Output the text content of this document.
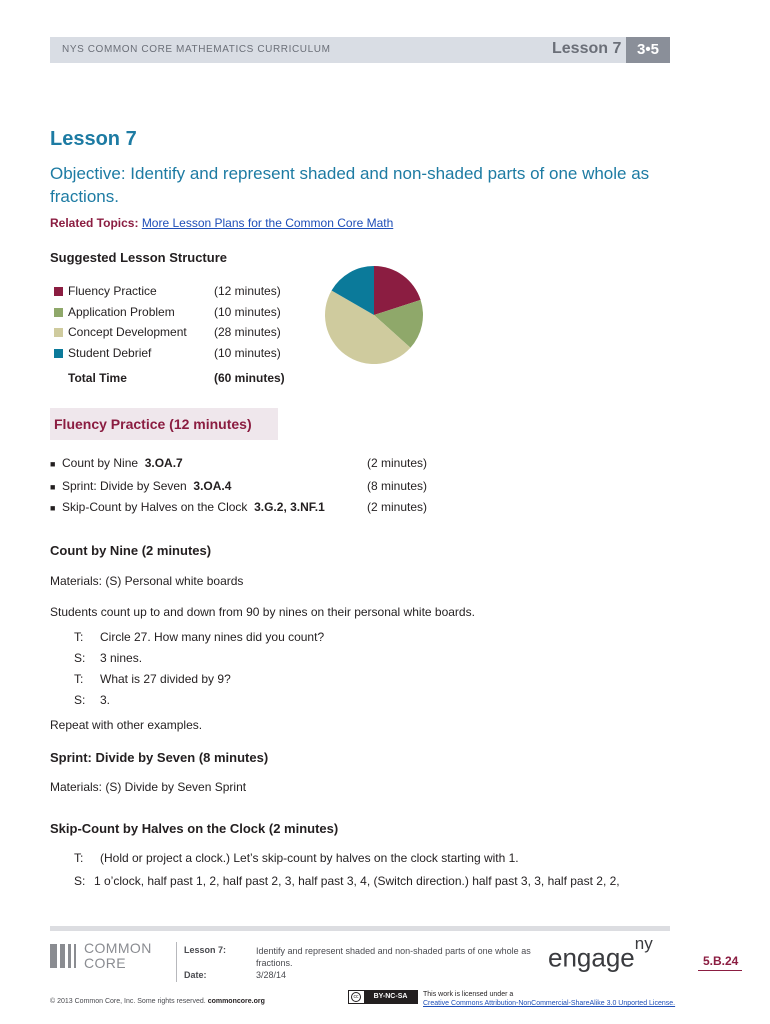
NYS COMMON CORE MATHEMATICS CURRICULUM	Lesson 7	3•5
Lesson 7
Objective: Identify and represent shaded and non-shaded parts of one whole as fractions.
Related Topics: More Lesson Plans for the Common Core Math
Suggested Lesson Structure
Fluency Practice	(12 minutes)
Application Problem	(10 minutes)
Concept Development (28 minutes)
Student Debrief	(10 minutes)
Total Time	(60 minutes)
Fluency Practice (12 minutes)
■ Count by Nine 3.OA.7	(2 minutes)
■ Sprint: Divide by Seven 3.OA.4	(8 minutes)
■ Skip-Count by Halves on the Clock 3.G.2, 3.NF.1	(2 minutes)
Count by Nine (2 minutes)
Materials: (S) Personal white boards
Students count up to and down from 90 by nines on their personal white boards.
T: Circle 27. How many nines did you count?
S: 3 nines.
T: What is 27 divided by 9?
S: 3.
Repeat with other examples.
Sprint: Divide by Seven (8 minutes)
Materials: (S) Divide by Seven Sprint
Skip-Count by Halves on the Clock (2 minutes)
T: (Hold or project a clock.) Let’s skip-count by halves on the clock starting with 1.
S: 1 o’clock, half past 1, 2, half past 2, 3, half past 3, 4, (Switch direction.) half past 3, 3, half past 2, 2,
COMMON
CORE
Lesson 7:
Date:
Identify and represent shaded and non-shaded parts of one whole as fractions.
3/28/14
engage$^{ny}$
5.B.24
© 2013 Common Core, Inc. Some rights reserved. commoncore.org
cc	BY-NC-SA	This work is licensed under a
Creative Commons Attribution-NonCommercial-ShareAlike 3.0 Unported License.
